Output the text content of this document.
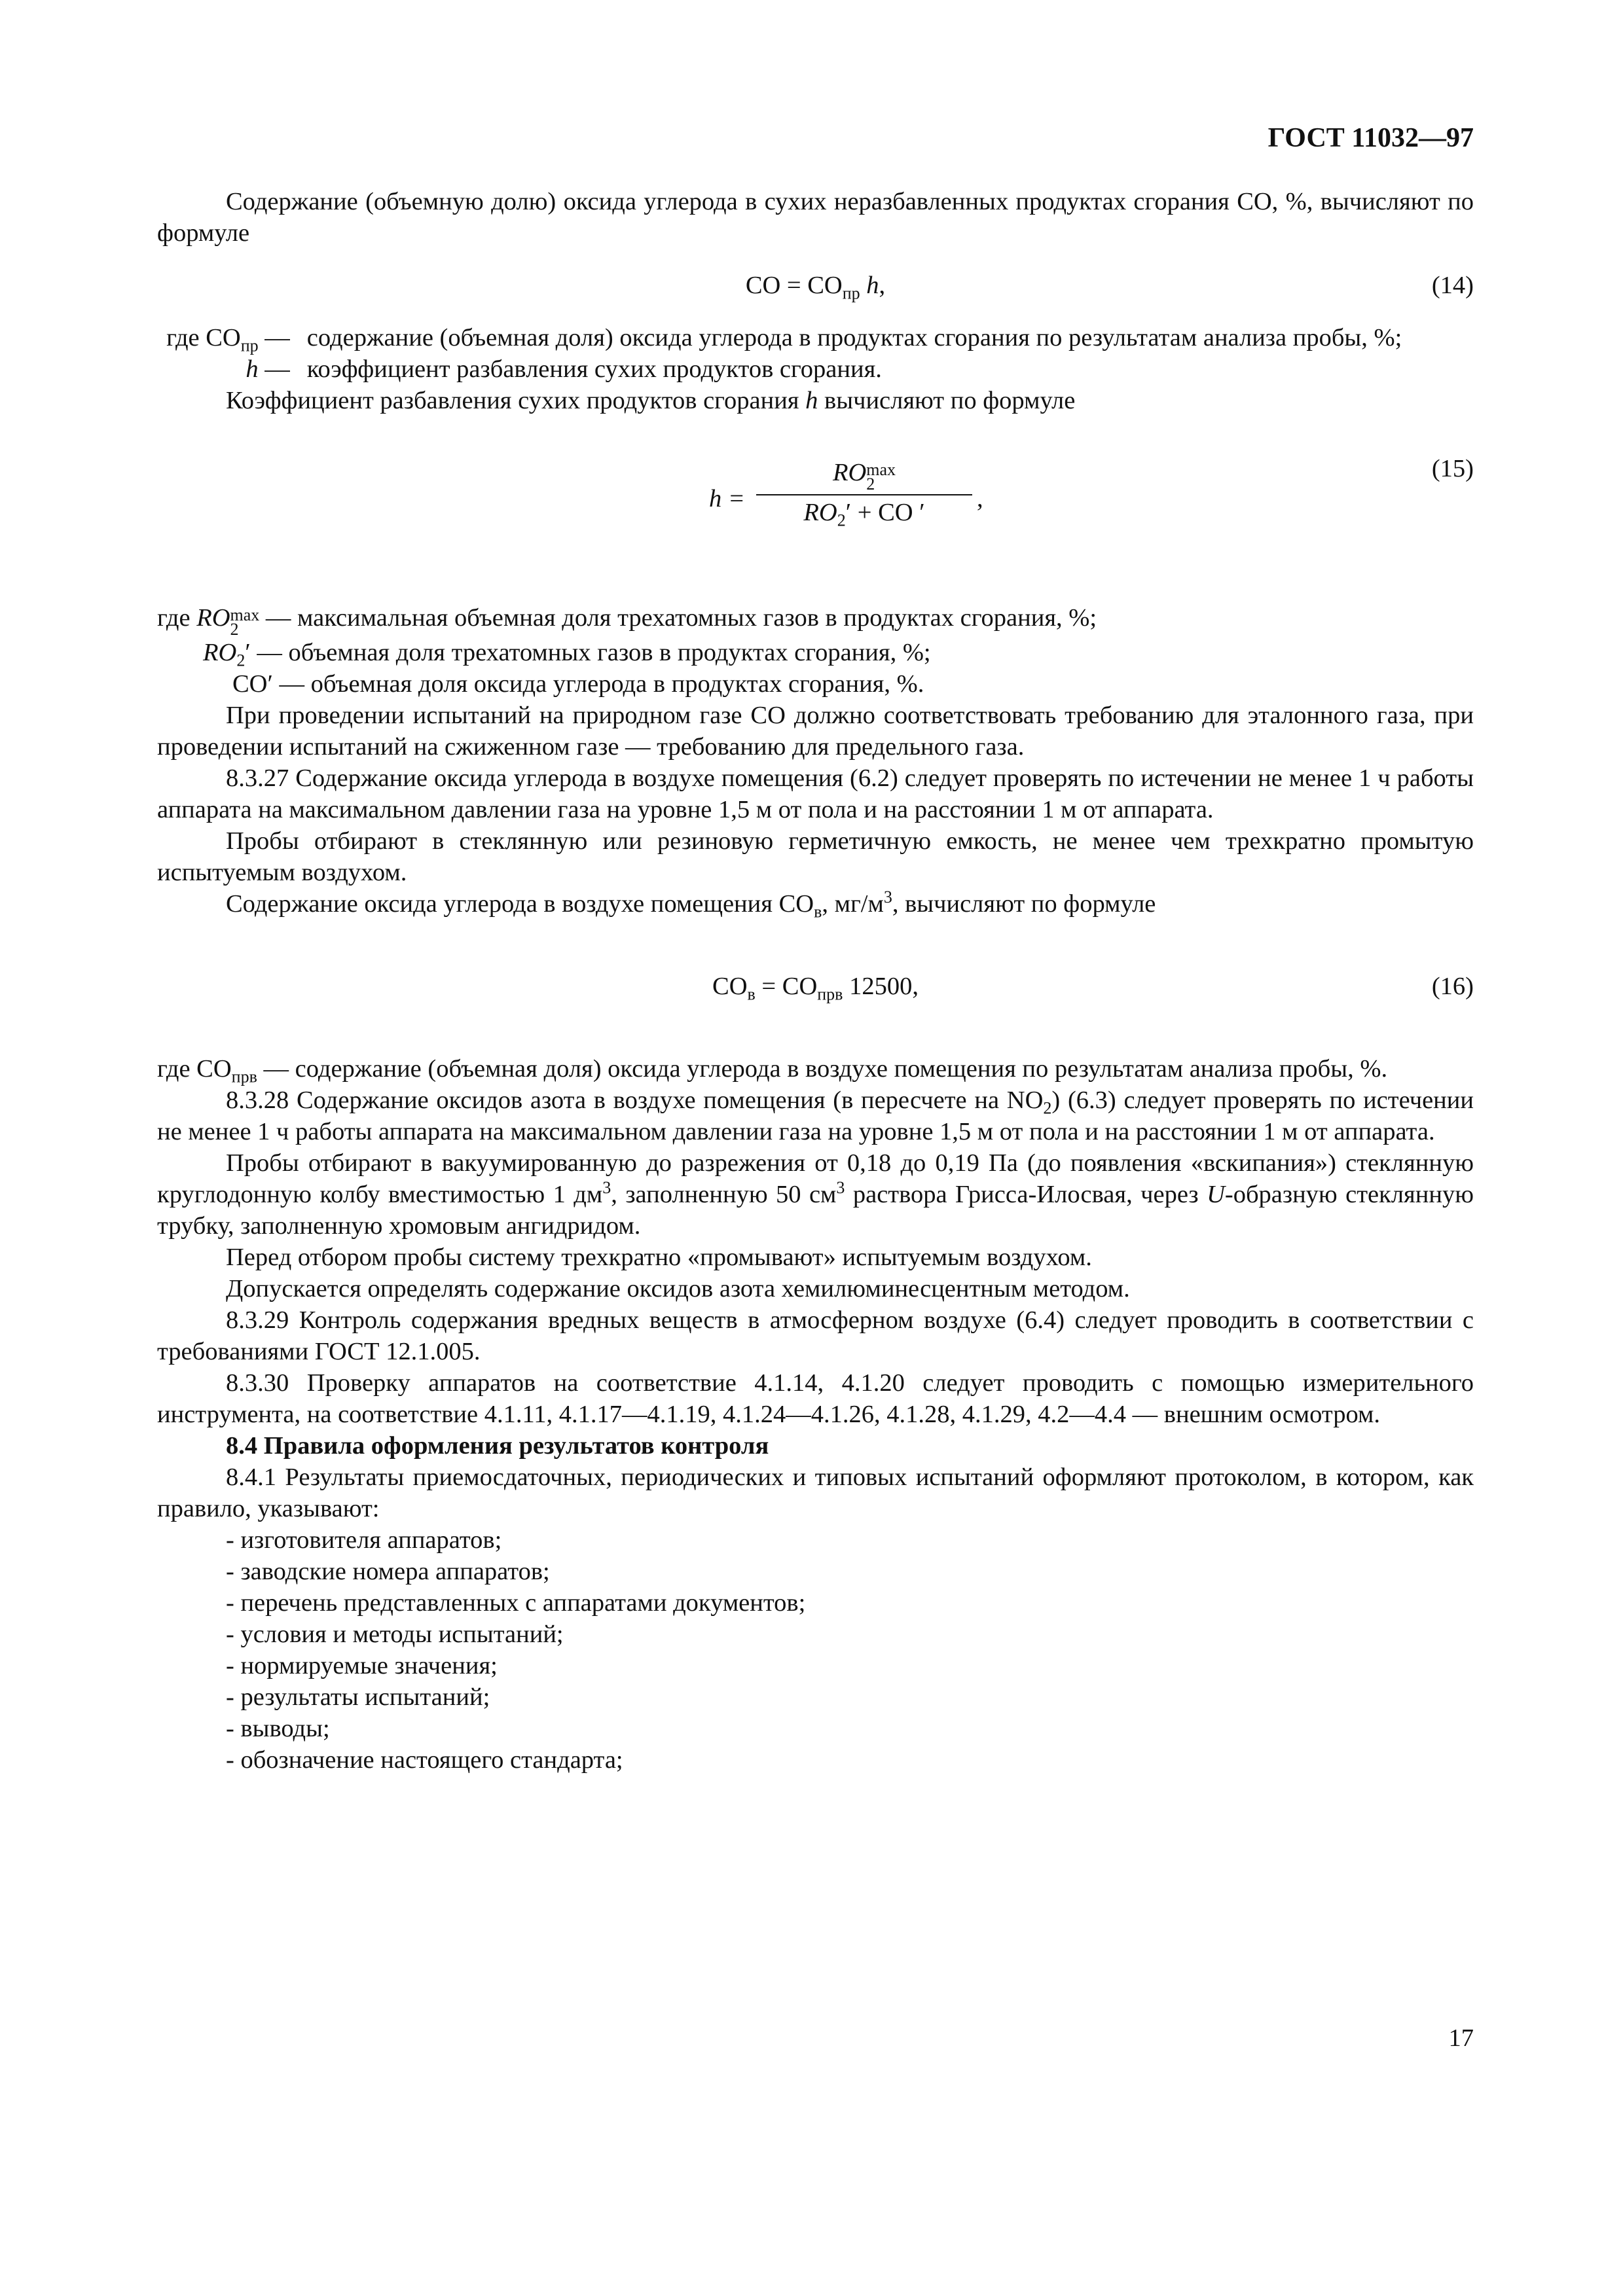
ГОСТ 11032—97

Содержание (объемную долю) оксида углерода в сухих неразбавленных продуктах сгорания СО, %, вычисляют по формуле

СО = $СО_{пр}$ h,	(14)
где $СО_{пр}$ —	содержание (объемная доля) оксида углерода в продуктах сгорания по результатам анализа пробы, %;
h —	коэффициент разбавления сухих продуктов сгорания.

Коэффициент разбавления сухих продуктов сгорания h вычисляют по формуле

h =
RO max
2
$RO_2'$ + СО ′	,
(15)

где RO max
2 — максимальная объемная доля трехатомных газов в продуктах сгорания, %;

$RO_2'$ — объемная доля трехатомных газов в продуктах сгорания, %;

СО′ — объемная доля оксида углерода в продуктах сгорания, %.

При проведении испытаний на природном газе СО должно соответствовать требованию для эталонного газа, при проведении испытаний на сжиженном газе — требованию для предельного газа.

8.3.27 Содержание оксида углерода в воздухе помещения (6.2) следует проверять по истечении не менее 1 ч работы аппарата на максимальном давлении газа на уровне 1,5 м от пола и на расстоянии 1 м от аппарата.

Пробы отбирают в стеклянную или резиновую герметичную емкость, не менее чем трехкратно промытую испытуемым воздухом.

Содержание оксида углерода в воздухе помещения $СО_в$, $мг/м^3$, вычисляют по формуле

$СО_в = СО_{прв}$ 12500,	(16)

где $СО_{прв}$ — содержание (объемная доля) оксида углерода в воздухе помещения по результатам анализа пробы, %.

8.3.28 Содержание оксидов азота в воздухе помещения (в пересчете на $NO_2$) (6.3) следует проверять по истечении не менее 1 ч работы аппарата на максимальном давлении газа на уровне 1,5 м от пола и на расстоянии 1 м от аппарата.

Пробы отбирают в вакуумированную до разрежения от 0,18 до 0,19 Па (до появления «вскипания») стеклянную круглодонную колбу вместимостью 1 $дм^3$, заполненную 50 $см^3$ раствора Грисса-Илосвая, через U-образную стеклянную трубку, заполненную хромовым ангидридом.

Перед отбором пробы систему трехкратно «промывают» испытуемым воздухом.

Допускается определять содержание оксидов азота хемилюминесцентным методом.

8.3.29 Контроль содержания вредных веществ в атмосферном воздухе (6.4) следует проводить в соответствии с требованиями ГОСТ 12.1.005.

8.3.30 Проверку аппаратов на соответствие 4.1.14, 4.1.20 следует проводить с помощью измерительного инструмента, на соответствие 4.1.11, 4.1.17—4.1.19, 4.1.24—4.1.26, 4.1.28, 4.1.29, 4.2—4.4 — внешним осмотром.

8.4 Правила оформления результатов контроля

8.4.1 Результаты приемосдаточных, периодических и типовых испытаний оформляют протоколом, в котором, как правило, указывают:

- изготовителя аппаратов;

- заводские номера аппаратов;

- перечень представленных с аппаратами документов;

- условия и методы испытаний;

- нормируемые значения;

- результаты испытаний;

- выводы;

- обозначение настоящего стандарта;

17
